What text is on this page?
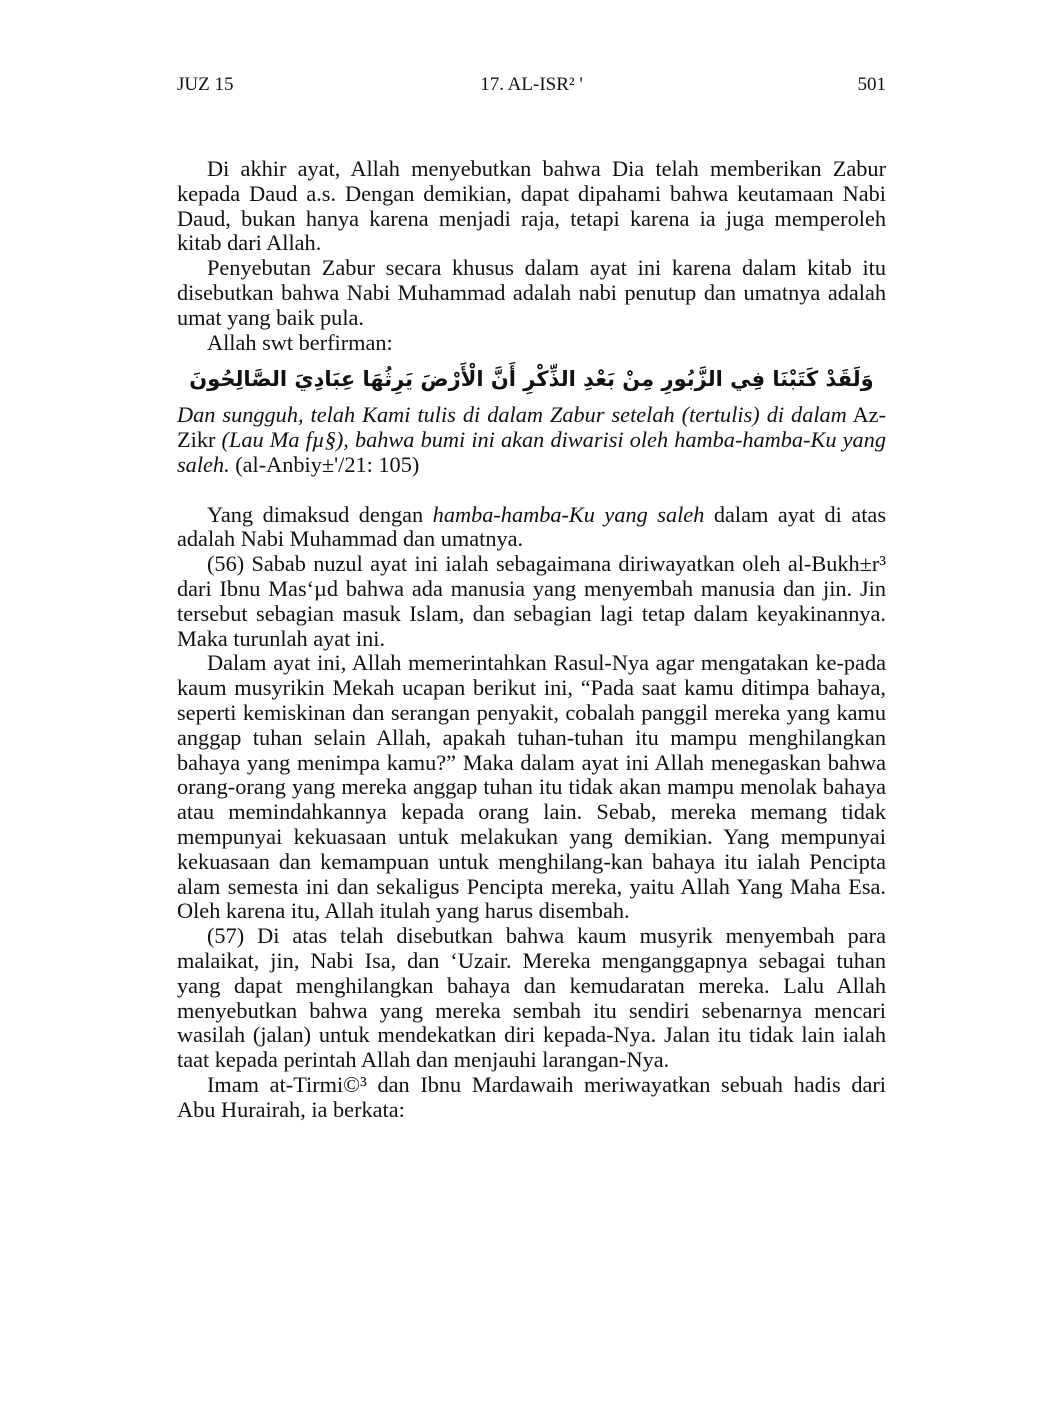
JUZ 15	17. AL-ISR² '	501

Di akhir ayat, Allah menyebutkan bahwa Dia telah memberikan Zabur kepada Daud a.s. Dengan demikian, dapat dipahami bahwa keutamaan Nabi Daud, bukan hanya karena menjadi raja, tetapi karena ia juga memperoleh kitab dari Allah.

Penyebutan Zabur secara khusus dalam ayat ini karena dalam kitab itu disebutkan bahwa Nabi Muhammad adalah nabi penutup dan umatnya adalah umat yang baik pula.

Allah swt berfirman:

وَلَقَدْ كَتَبْنَا فِي الزَّبُورِ مِنْ بَعْدِ الذِّكْرِ أَنَّ الْأَرْضَ يَرِثُهَا عِبَادِيَ الصَّالِحُونَ

Dan sungguh, telah Kami tulis di dalam Zabur setelah (tertulis) di dalam Az-Zikr (Lau Ma fµ§), bahwa bumi ini akan diwarisi oleh hamba-hamba-Ku yang saleh. (al-Anbiy±'/21: 105)

Yang dimaksud dengan hamba-hamba-Ku yang saleh dalam ayat di atas adalah Nabi Muhammad dan umatnya.

(56) Sabab nuzul ayat ini ialah sebagaimana diriwayatkan oleh al-Bukh±r³ dari Ibnu Mas‘µd bahwa ada manusia yang menyembah manusia dan jin. Jin tersebut sebagian masuk Islam, dan sebagian lagi tetap dalam keyakinannya. Maka turunlah ayat ini.

Dalam ayat ini, Allah memerintahkan Rasul-Nya agar mengatakan ke-pada kaum musyrikin Mekah ucapan berikut ini, “Pada saat kamu ditimpa bahaya, seperti kemiskinan dan serangan penyakit, cobalah panggil mereka yang kamu anggap tuhan selain Allah, apakah tuhan-tuhan itu mampu menghilangkan bahaya yang menimpa kamu?” Maka dalam ayat ini Allah menegaskan bahwa orang-orang yang mereka anggap tuhan itu tidak akan mampu menolak bahaya atau memindahkannya kepada orang lain. Sebab, mereka memang tidak mempunyai kekuasaan untuk melakukan yang demikian. Yang mempunyai kekuasaan dan kemampuan untuk menghilang-kan bahaya itu ialah Pencipta alam semesta ini dan sekaligus Pencipta mereka, yaitu Allah Yang Maha Esa. Oleh karena itu, Allah itulah yang harus disembah.

(57) Di atas telah disebutkan bahwa kaum musyrik menyembah para malaikat, jin, Nabi Isa, dan ‘Uzair. Mereka menganggapnya sebagai tuhan yang dapat menghilangkan bahaya dan kemudaratan mereka. Lalu Allah menyebutkan bahwa yang mereka sembah itu sendiri sebenarnya mencari wasilah (jalan) untuk mendekatkan diri kepada-Nya. Jalan itu tidak lain ialah taat kepada perintah Allah dan menjauhi larangan-Nya.

Imam at-Tirmi©³ dan Ibnu Mardawaih meriwayatkan sebuah hadis dari Abu Hurairah, ia berkata:
